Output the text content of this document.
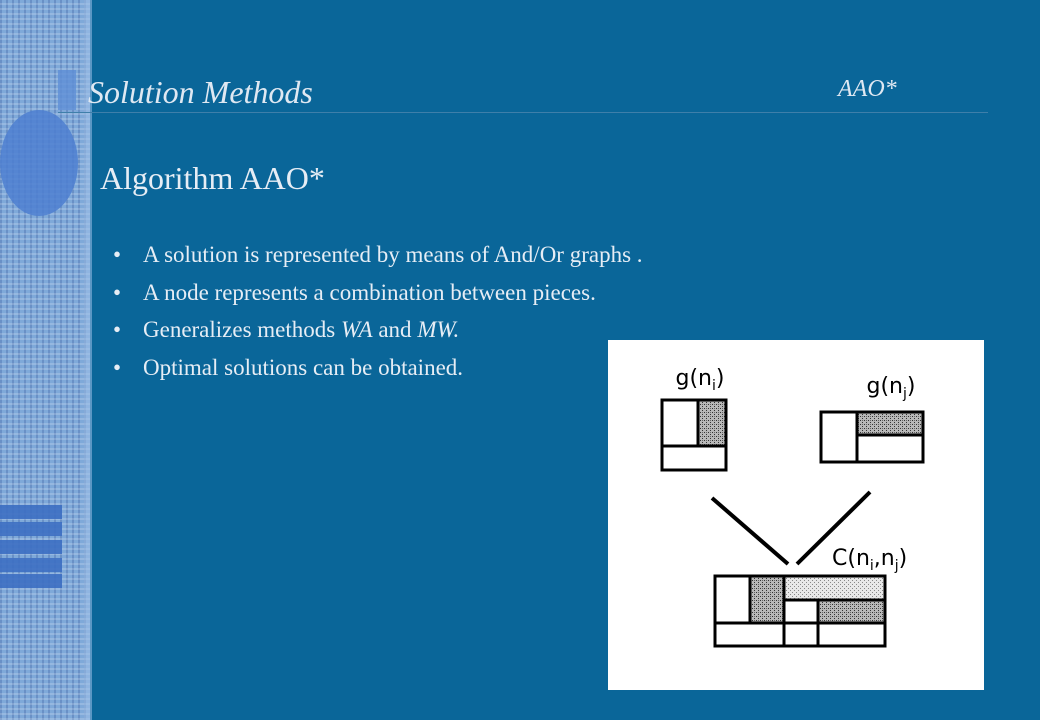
Solution Methods	AAO*
Algorithm AAO*
• A solution is represented by means of And/Or graphs .
• A node represents a combination between pieces.
• Generalizes methods WA and MW.
• Optimal solutions can be obtained.	$g(n_i)$	$g(n_j)$
$C(n_i,n_j)$
